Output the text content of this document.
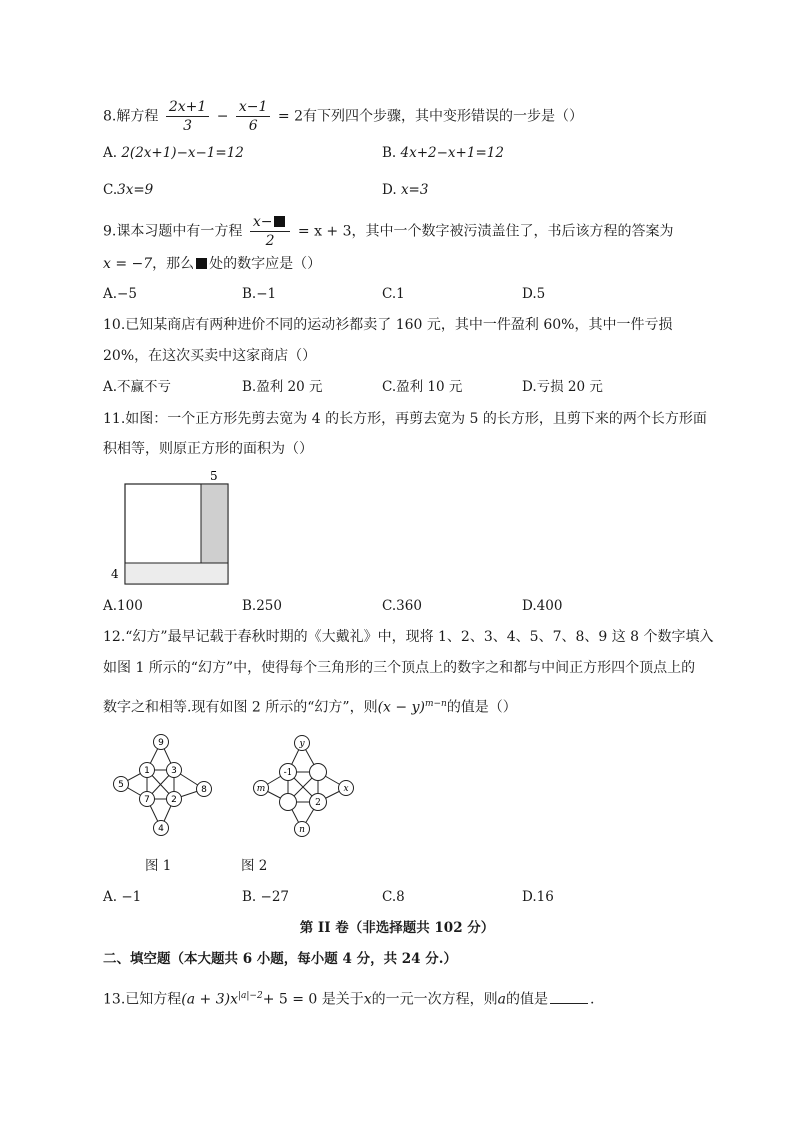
8.解方程 $\frac{2x+1}{3} - \frac{x-1}{6} = 2$有下列四个步骤，其中变形错误的一步是（）
A. 2(2x+1)−x−1=12	B. 4x+2−x+1=12
C.3x=9	D. x=3
9.课本习题中有一方程 $\frac{x-}{2} = x + 3$，其中一个数字被污渍盖住了，书后该方程的答案为
x = −7，那么 处的数字应是（）
A.−5	B.−1	C.1	D.5
10.已知某商店有两种进价不同的运动衫都卖了 160 元，其中一件盈利 60%，其中一件亏损
20%，在这次买卖中这家商店（）
A.不赢不亏	B.盈利 20 元	C.盈利 10 元	D.亏损 20 元
11.如图：一个正方形先剪去宽为 4 的长方形，再剪去宽为 5 的长方形，且剪下来的两个长方形面
积相等，则原正方形的面积为（）
5
4
A.100	B.250	C.360	D.400
12.“幻方”最早记载于春秋时期的《大戴礼》中，现将 1、2、3、4、5、7、8、9 这 8 个数字填入
如图 1 所示的“幻方”中，使得每个三角形的三个顶点上的数字之和都与中间正方形四个顶点上的
数字之和相等.现有如图 2 所示的“幻方”，则$(x - y)^{m-n}$的值是（）
9
5	8
4
1 3
7 2
y
m	x
n
-1
2
图 1	图 2
A. −1	B. −27	C.8	D.16
第 II 卷（非选择题共 102 分）
二、填空题（本大题共 6 小题，每小题 4 分，共 24 分.）
13.已知方程$(a + 3)x^{|a|-2}+ 5 = 0$ 是关于x的一元一次方程，则a的值是	.
